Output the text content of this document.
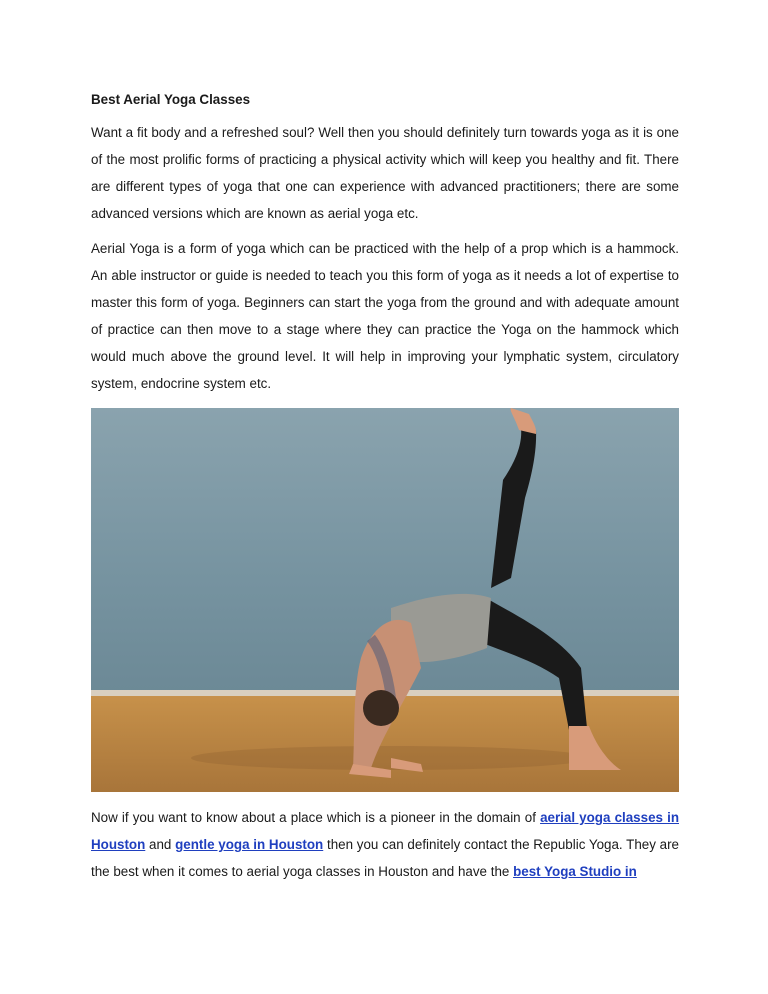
Best Aerial Yoga Classes

Want a fit body and a refreshed soul? Well then you should definitely turn towards yoga as it is one of the most prolific forms of practicing a physical activity which will keep you healthy and fit. There are different types of yoga that one can experience with advanced practitioners; there are some advanced versions which are known as aerial yoga etc.

Aerial Yoga is a form of yoga which can be practiced with the help of a prop which is a hammock. An able instructor or guide is needed to teach you this form of yoga as it needs a lot of expertise to master this form of yoga. Beginners can start the yoga from the ground and with adequate amount of practice can then move to a stage where they can practice the Yoga on the hammock which would much above the ground level. It will help in improving your lymphatic system, circulatory system, endocrine system etc.

Now if you want to know about a place which is a pioneer in the domain of aerial yoga classes in Houston and gentle yoga in Houston then you can definitely contact the Republic Yoga. They are the best when it comes to aerial yoga classes in Houston and have the best Yoga Studio in
